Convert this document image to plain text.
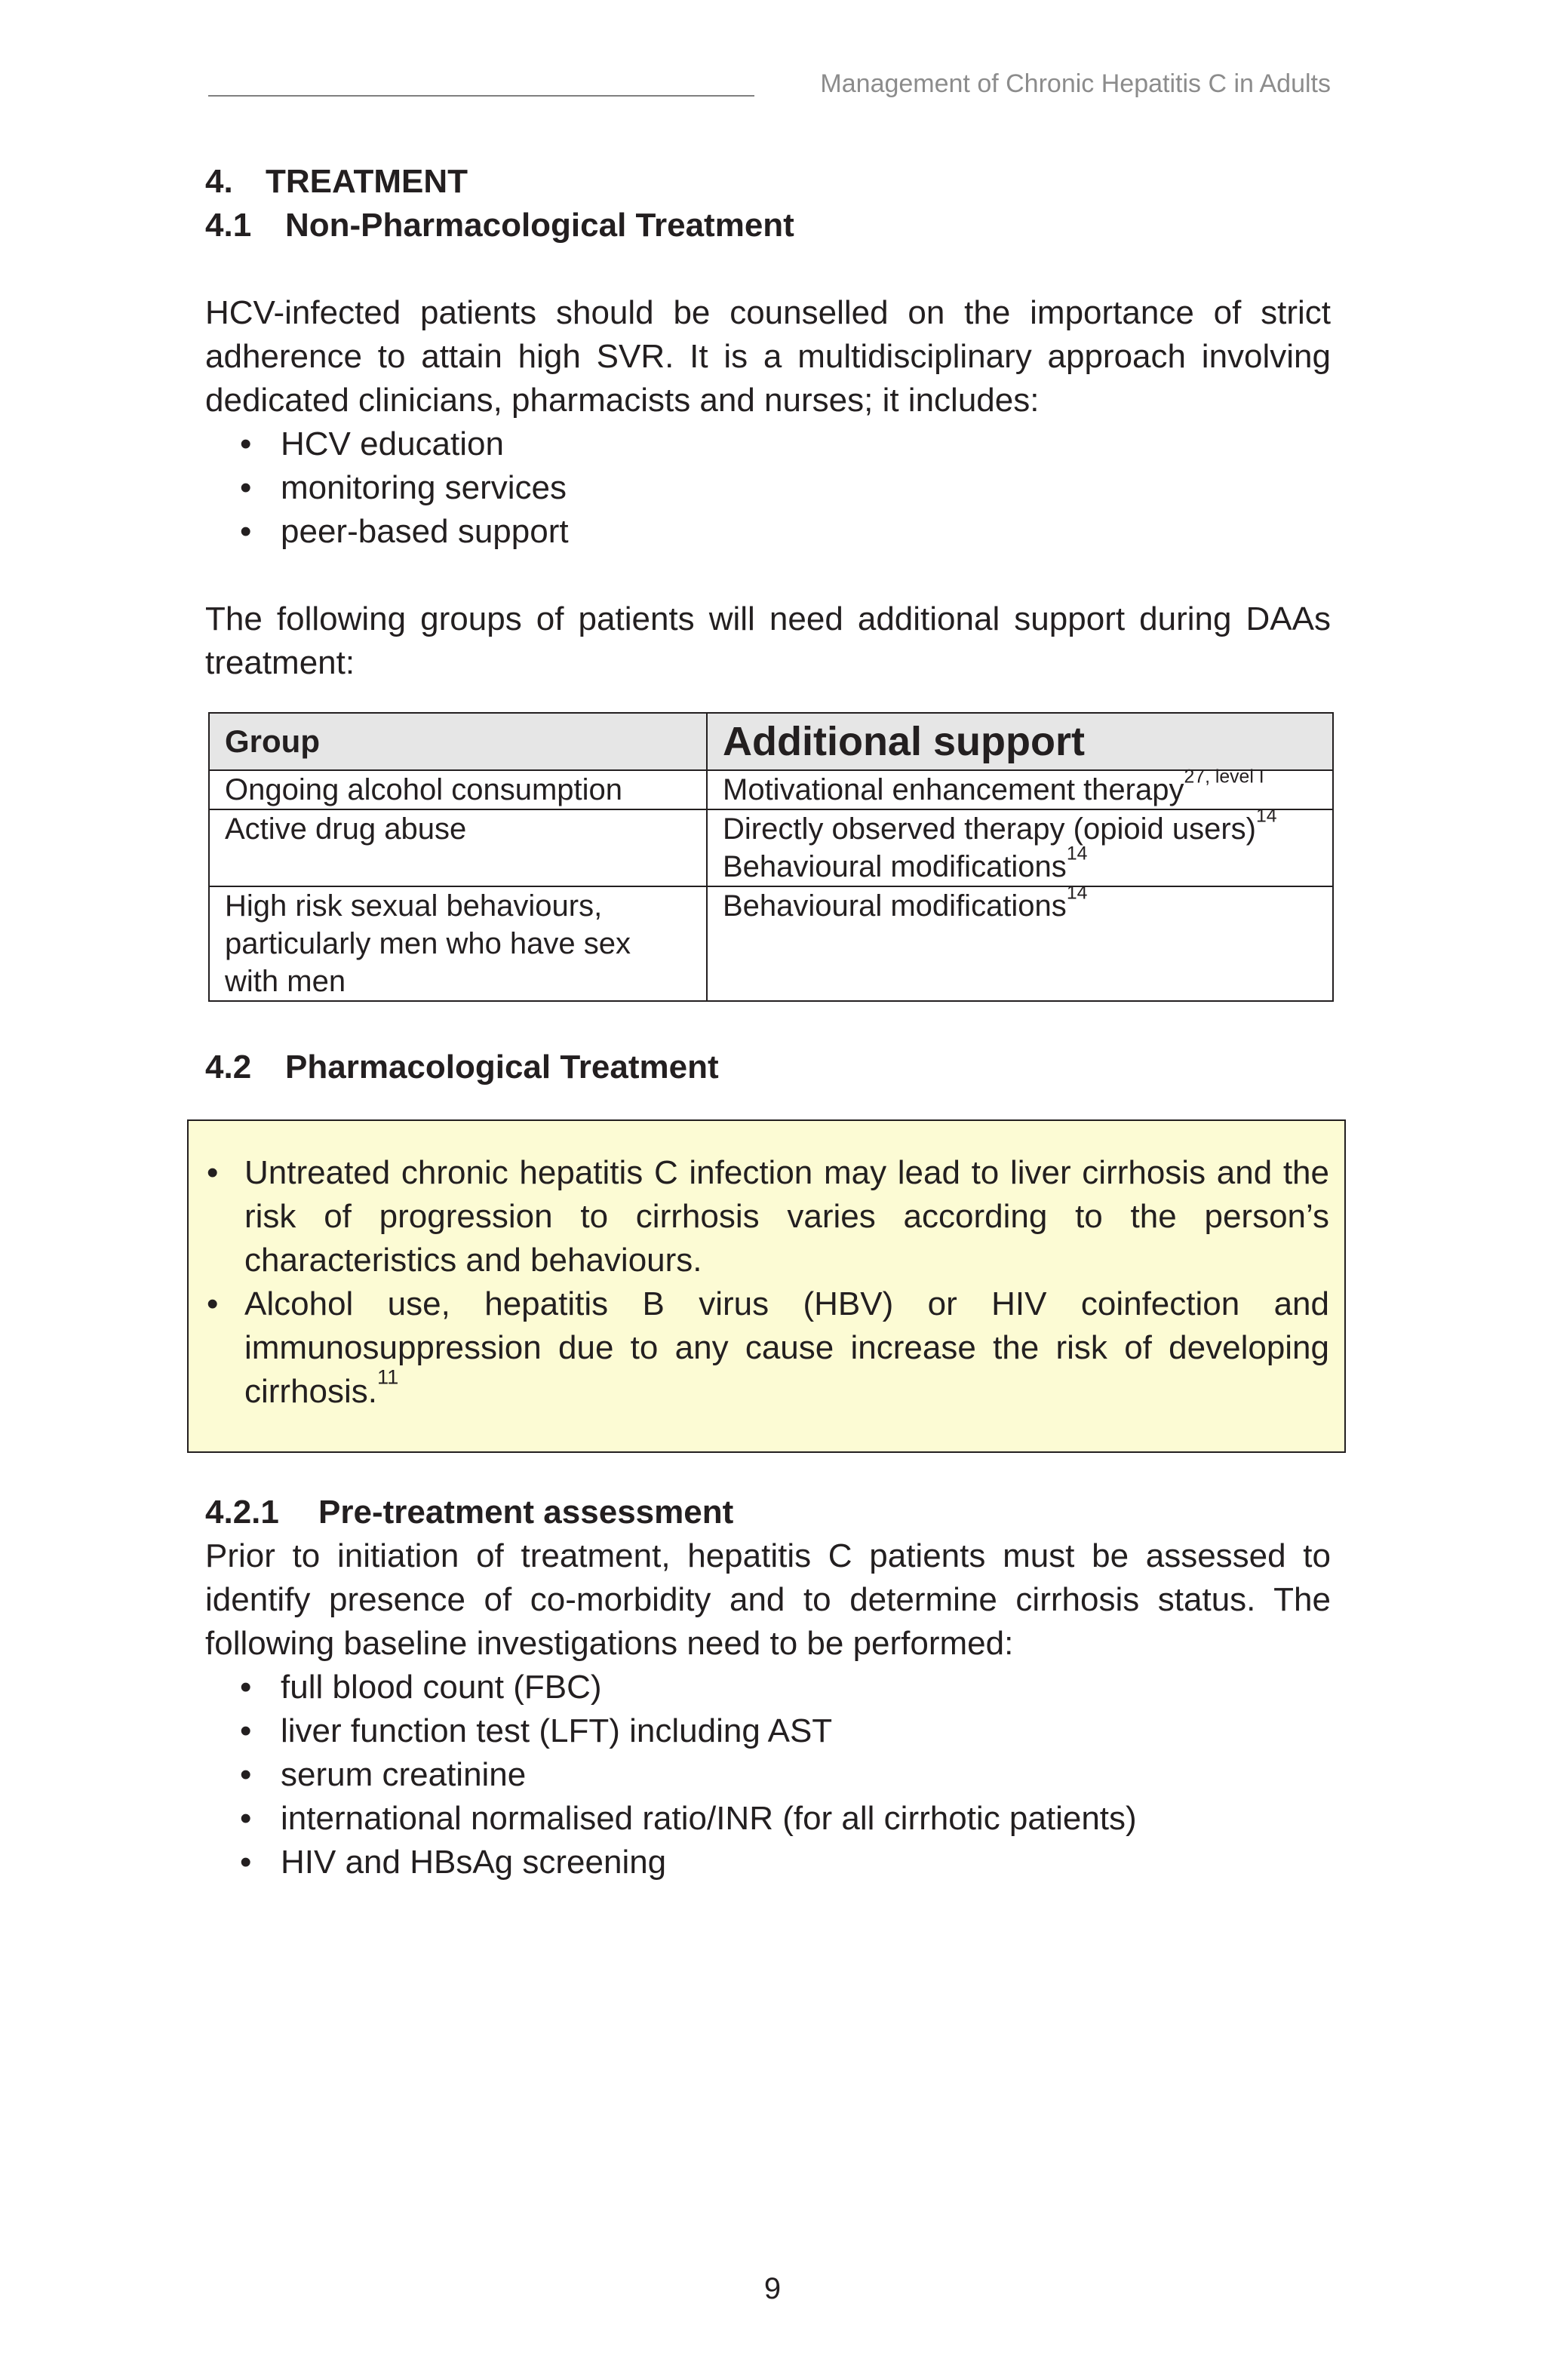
Management of Chronic Hepatitis C in Adults
4. TREATMENT
4.1 Non-Pharmacological Treatment

HCV-infected patients should be counselled on the importance of strict adherence to attain high SVR. It is a multidisciplinary approach involving dedicated clinicians, pharmacists and nurses; it includes:

• HCV education
• monitoring services
• peer-based support

The following groups of patients will need additional support during DAAs treatment:

Group	Additional support
Ongoing alcohol consumption	Motivational enhancement therapy$^{27, level I}$
Active drug abuse	Directly observed therapy (opioid users)$^{14}$
Behavioural modifications$^{14}$
High risk sexual behaviours, particularly men who have sex with men	Behavioural modifications$^{14}$
4.2 Pharmacological Treatment
• Untreated chronic hepatitis C infection may lead to liver cirrhosis and the risk of progression to cirrhosis varies according to the person’s characteristics and behaviours.
• Alcohol use, hepatitis B virus (HBV) or HIV coinfection and immunosuppression due to any cause increase the risk of developing cirrhosis.$^{11}$
4.2.1 Pre-treatment assessment

Prior to initiation of treatment, hepatitis C patients must be assessed to identify presence of co-morbidity and to determine cirrhosis status. The following baseline investigations need to be performed:

• full blood count (FBC)
• liver function test (LFT) including AST
• serum creatinine
• international normalised ratio/INR (for all cirrhotic patients)
• HIV and HBsAg screening
9
